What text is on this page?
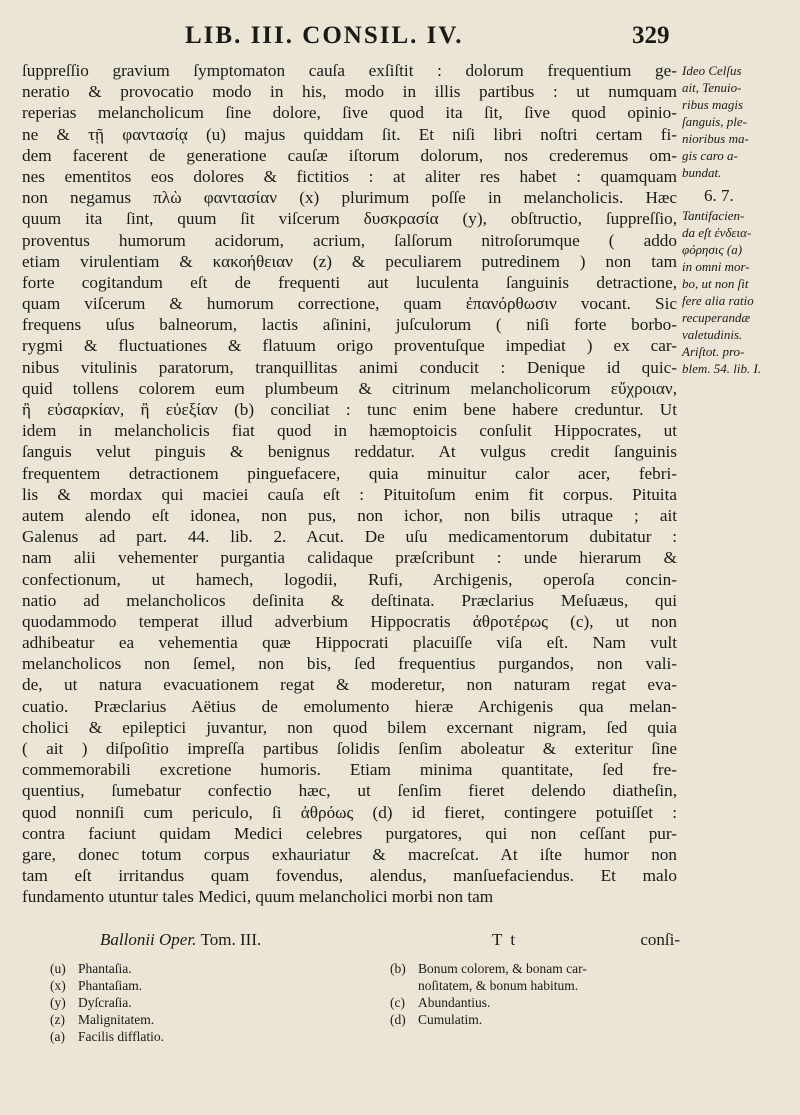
LIB. III. CONSIL. IV.	329
ſuppreſſio gravium ſymptomaton cauſa exſiſtit : dolorum frequentium ge-
neratio & provocatio modo in his, modo in illis partibus : ut numquam
reperias melancholicum ſine dolore, ſive quod ita ſit, ſive quod opinio-
ne & τῇ φαντασίᾳ (u) majus quiddam ſit. Et niſi libri noſtri certam fi-
dem facerent de generatione cauſæ iſtorum dolorum, nos crederemus om-
nes ementitos eos dolores & fictitios : at aliter res habet : quamquam
non negamus πλὼ φαντασίαν (x) plurimum poſſe in melancholicis. Hæc
quum ita ſint, quum ſit viſcerum δυσκρασία (y), obſtructio, ſuppreſſio,
proventus humorum acidorum, acrium, ſalſorum nitroſorumque ( addo
etiam virulentiam & κακοήθειαν (z) & peculiarem putredinem ) non tam
forte cogitandum eſt de frequenti aut luculenta ſanguinis detractione,
quam viſcerum & humorum correctione, quam ἐπανόρθωσιν vocant. Sic
frequens uſus balneorum, lactis aſinini, juſculorum ( niſi forte borbo-
rygmi & fluctuationes & flatuum origo proventuſque impediat ) ex car-
nibus vitulinis paratorum, tranquillitas animi conducit : Denique id quic-
quid tollens colorem eum plumbeum & citrinum melancholicorum εὔχροιαν,
ἢ εὐσαρκίαν, ἢ εὐεξίαν (b) conciliat : tunc enim bene habere creduntur. Ut
idem in melancholicis fiat quod in hæmoptoicis conſulit Hippocrates, ut
ſanguis velut pinguis & benignus reddatur. At vulgus credit ſanguinis
frequentem detractionem pinguefacere, quia minuitur calor acer, febri-
lis & mordax qui maciei cauſa eſt : Pituitoſum enim fit corpus. Pituita
autem alendo eſt idonea, non pus, non ichor, non bilis utraque ; ait
Galenus ad part. 44. lib. 2. Acut. De uſu medicamentorum dubitatur :
nam alii vehementer purgantia calidaque præſcribunt : unde hierarum &
confectionum, ut hamech, logodii, Rufi, Archigenis, operoſa concin-
natio ad melancholicos deſinita & deſtinata. Præclarius Meſuæus, qui
quodammodo temperat illud adverbium Hippocratis ἀθροτέρως (c), ut non
adhibeatur ea vehementia quæ Hippocrati placuiſſe viſa eſt. Nam vult
melancholicos non ſemel, non bis, ſed frequentius purgandos, non vali-
de, ut natura evacuationem regat & moderetur, non naturam regat eva-
cuatio. Præclarius Aëtius de emolumento hieræ Archigenis qua melan-
cholici & epileptici juvantur, non quod bilem excernant nigram, ſed quia
( ait ) diſpoſitio impreſſa partibus ſolidis ſenſim aboleatur & exteritur ſine
commemorabili excretione humoris. Etiam minima quantitate, ſed fre-
quentius, ſumebatur confectio hæc, ut ſenſim fieret delendo diatheſin,
quod nonniſi cum periculo, ſi ἀθρόως (d) id fieret, contingere potuiſſet :
contra faciunt quidam Medici celebres purgatores, qui non ceſſant pur-
gare, donec totum corpus exhauriatur & macreſcat. At iſte humor non
tam eſt irritandus quam fovendus, alendus, manſuefaciendus. Et malo
fundamento utuntur tales Medici, quum melancholici morbi non tam
Ideo Celſus
ait, Tenuio-
ribus magis
ſanguis, ple-
nioribus ma-
gis caro a-
bundat.
6. 7.
Tantifacien-
da eſt ἐνδεια-
φόρησις (a)
in omni mor-
bo, ut non ſit
fere alia ratio
recuperandæ
valetudinis.
Ariſtot. pro-
blem. 54. lib. I.
Ballonii Oper. Tom. III.	T t	conſi-
(u) Phantaſia.
(x) Phantaſiam.
(y) Dyſcraſia.
(z) Malignitatem.
(a) Facilis difflatio.
(b) Bonum colorem, & bonam car-
noſitatem, & bonum habitum.
(c) Abundantius.
(d) Cumulatim.
